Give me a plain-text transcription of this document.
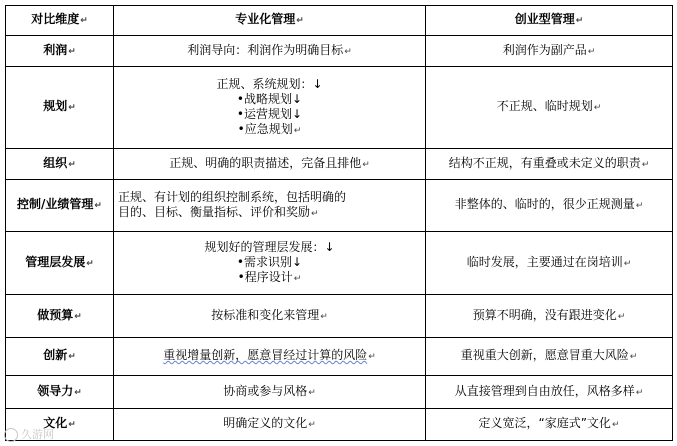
对比维度↵	专业化管理↵	创业型管理↵
利润↵	利润导向：利润作为明确目标↵	利润作为副产品↵
规划↵	正规、系统规划：↓
•战略规划↓
•运营规划↓
•应急规划↵	不正规、临时规划↵
组织↵	正规、明确的职责描述，完备且排他↵	结构不正规，有重叠或未定义的职责↵
控制/业绩管理↵	正规、有计划的组织控制系统，包括明确的
目的、目标、衡量指标、评价和奖励↵	非整体的、临时的，很少正规测量↵
管理层发展↵	规划好的管理层发展：↓
•需求识别↓
•程序设计↵	临时发展，主要通过在岗培训↵
做预算↵	按标准和变化来管理↵	预算不明确，没有跟进变化↵
创新↵	重视增量创新，愿意冒经过计算的风险↵	重视重大创新，愿意冒重大风险↵
领导力↵	协商或参与风格↵	从直接管理到自由放任，风格多样↵
文化↵	明确定义的文化↵	定义宽泛，“家庭式”文化↵
久游网
